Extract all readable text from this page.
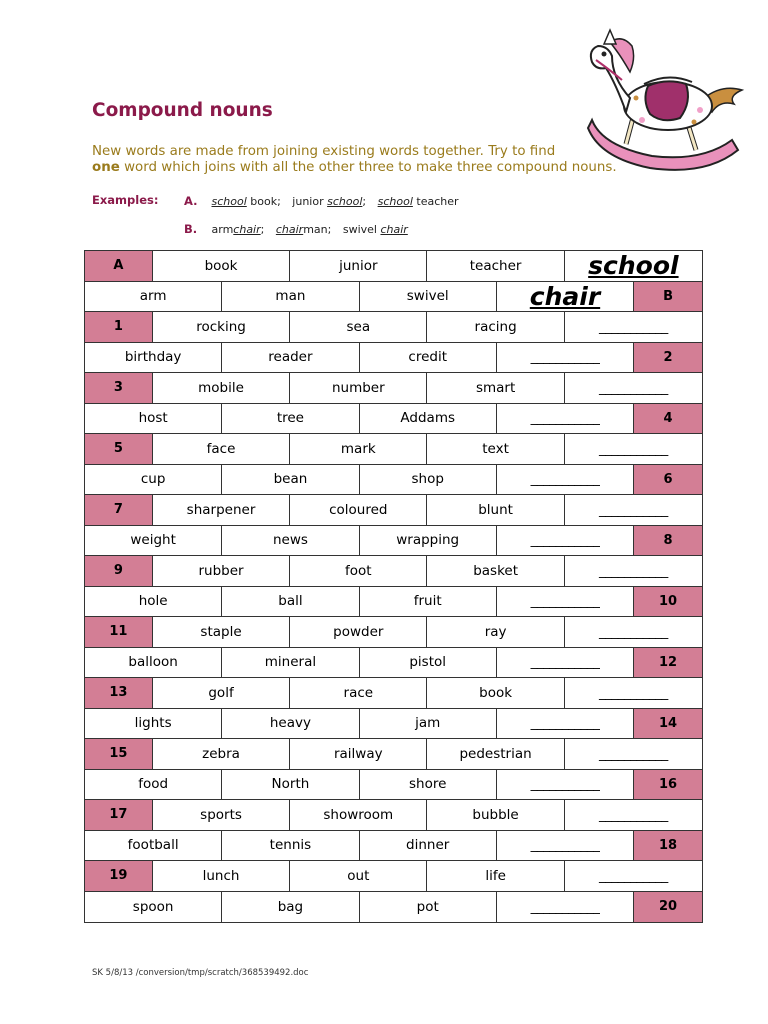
Compound nouns
New words are made from joining existing words together. Try to find
one word which joins with all the other three to make three compound nouns.
Examples: A. school book; junior school; school teacher
B. armchair; chairman; swivel chair
A	book	junior	teacher	school
arm	man	swivel	chair	B
1	rocking	sea	racing	___________
birthday	reader	credit	___________	2
3	mobile	number	smart	___________
host	tree	Addams	___________	4
5	face	mark	text	___________
cup	bean	shop	___________	6
7	sharpener	coloured	blunt	___________
weight	news	wrapping	___________	8
9	rubber	foot	basket	___________
hole	ball	fruit	___________	10
11	staple	powder	ray	___________
balloon	mineral	pistol	___________	12
13	golf	race	book	___________
lights	heavy	jam	___________	14
15	zebra	railway	pedestrian	___________
food	North	shore	___________	16
17	sports	showroom	bubble	___________
football	tennis	dinner	___________	18
19	lunch	out	life	___________
spoon	bag	pot	___________	20
SK 5/8/13 /conversion/tmp/scratch/368539492.doc
